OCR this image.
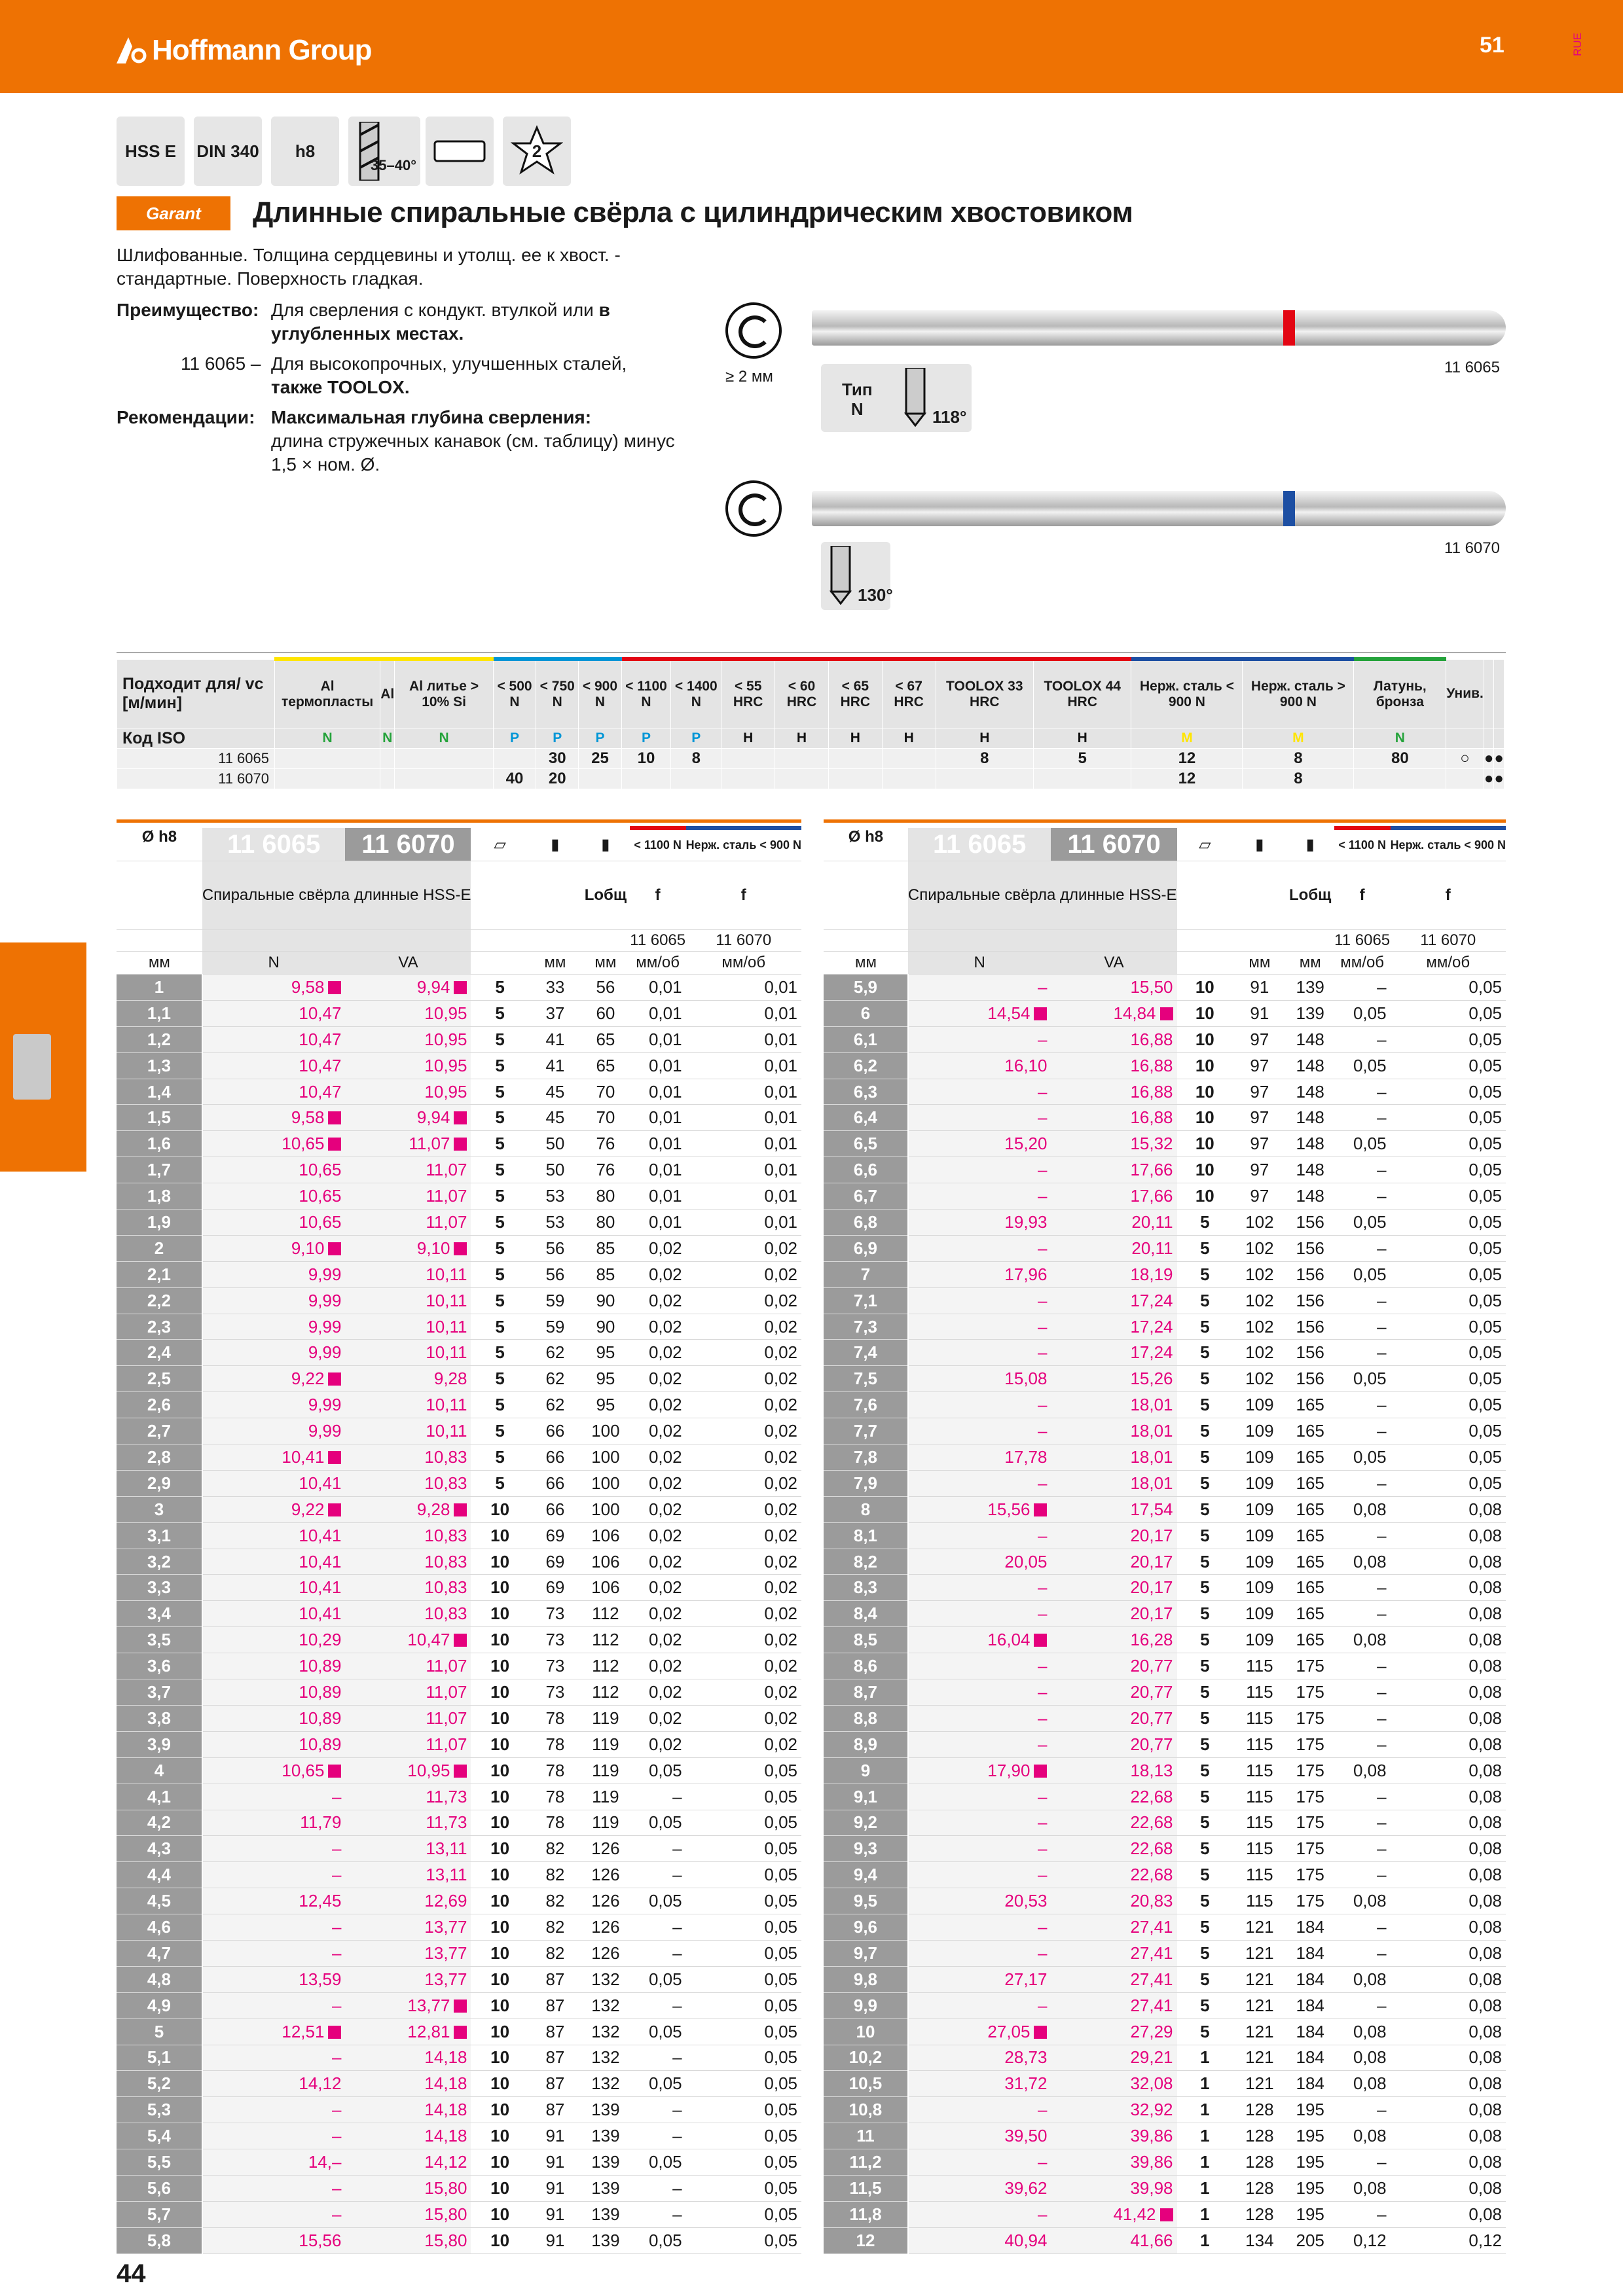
Hoffmann Group	51	RUE
HSS E DIN 340 h8
35–40°
2
Garant	Длинные спиральные свёрла с цилиндрическим хвостовиком
Шлифованные. Толщина сердцевины и утолщ. ее к хвост. -
стандартные. Поверхность гладкая.
Преимущество: Для сверления с кондукт. втулкой или в
углубленных местах.
11 6065 – Для высокопрочных, улучшенных сталей,
также TOOLOX.
Рекомендации: Максимальная глубина сверления:
длина стружечных канавок (см. таблицу) минус
1,5 × ном. Ø.
≥ 2 мм
11 6065
Тип
N	118°
11 6070
130°
Подходит для/ vc [м/мин]	Al термопласты	Al	Al литье > 10% Si	< 500 N	< 750 N	< 900 N	< 1100 N	< 1400 N	< 55 HRC	< 60 HRC	< 65 HRC	< 67 HRC	TOOLOX 33 HRC	TOOLOX 44 HRC	Нерж. сталь < 900 N	Нерж. сталь > 900 N	Латунь, бронза	Унив.				
Код ISO	N	N	N	P	P	P	P	P	H	H	H	H	H	H	M	M	N					
11 6065					30	25	10	8					8	5	12	8	80	○	●	●		
11 6070				40	20										12	8			●	●		
Ø h8	11 6065	11 6070	▱	▮	▮	< 1100 N	Нерж. сталь < 900 N
	Спиральные свёрла длинные HSS-E				Lобщ	f	f
						11 6065	11 6070
мм	N	VA		мм	мм	мм/об	мм/об
1	9,58	9,94	5	33	56	0,01	0,01
1,1	10,47	10,95	5	37	60	0,01	0,01
1,2	10,47	10,95	5	41	65	0,01	0,01
1,3	10,47	10,95	5	41	65	0,01	0,01
1,4	10,47	10,95	5	45	70	0,01	0,01
1,5	9,58	9,94	5	45	70	0,01	0,01
1,6	10,65	11,07	5	50	76	0,01	0,01
1,7	10,65	11,07	5	50	76	0,01	0,01
1,8	10,65	11,07	5	53	80	0,01	0,01
1,9	10,65	11,07	5	53	80	0,01	0,01
2	9,10	9,10	5	56	85	0,02	0,02
2,1	9,99	10,11	5	56	85	0,02	0,02
2,2	9,99	10,11	5	59	90	0,02	0,02
2,3	9,99	10,11	5	59	90	0,02	0,02
2,4	9,99	10,11	5	62	95	0,02	0,02
2,5	9,22	9,28	5	62	95	0,02	0,02
2,6	9,99	10,11	5	62	95	0,02	0,02
2,7	9,99	10,11	5	66	100	0,02	0,02
2,8	10,41	10,83	5	66	100	0,02	0,02
2,9	10,41	10,83	5	66	100	0,02	0,02
3	9,22	9,28	10	66	100	0,02	0,02
3,1	10,41	10,83	10	69	106	0,02	0,02
3,2	10,41	10,83	10	69	106	0,02	0,02
3,3	10,41	10,83	10	69	106	0,02	0,02
3,4	10,41	10,83	10	73	112	0,02	0,02
3,5	10,29	10,47	10	73	112	0,02	0,02
3,6	10,89	11,07	10	73	112	0,02	0,02
3,7	10,89	11,07	10	73	112	0,02	0,02
3,8	10,89	11,07	10	78	119	0,02	0,02
3,9	10,89	11,07	10	78	119	0,02	0,02
4	10,65	10,95	10	78	119	0,05	0,05
4,1	–	11,73	10	78	119	–	0,05
4,2	11,79	11,73	10	78	119	0,05	0,05
4,3	–	13,11	10	82	126	–	0,05
4,4	–	13,11	10	82	126	–	0,05
4,5	12,45	12,69	10	82	126	0,05	0,05
4,6	–	13,77	10	82	126	–	0,05
4,7	–	13,77	10	82	126	–	0,05
4,8	13,59	13,77	10	87	132	0,05	0,05
4,9	–	13,77	10	87	132	–	0,05
5	12,51	12,81	10	87	132	0,05	0,05
5,1	–	14,18	10	87	132	–	0,05
5,2	14,12	14,18	10	87	132	0,05	0,05
5,3	–	14,18	10	87	139	–	0,05
5,4	–	14,18	10	91	139	–	0,05
5,5	14,–	14,12	10	91	139	0,05	0,05
5,6	–	15,80	10	91	139	–	0,05
5,7	–	15,80	10	91	139	–	0,05
5,8	15,56	15,80	10	91	139	0,05	0,05
Ø h8	11 6065	11 6070	▱	▮	▮	< 1100 N	Нерж. сталь < 900 N
	Спиральные свёрла длинные HSS-E				Lобщ	f	f
						11 6065	11 6070
мм	N	VA		мм	мм	мм/об	мм/об
5,9	–	15,50	10	91	139	–	0,05
6	14,54	14,84	10	91	139	0,05	0,05
6,1	–	16,88	10	97	148	–	0,05
6,2	16,10	16,88	10	97	148	0,05	0,05
6,3	–	16,88	10	97	148	–	0,05
6,4	–	16,88	10	97	148	–	0,05
6,5	15,20	15,32	10	97	148	0,05	0,05
6,6	–	17,66	10	97	148	–	0,05
6,7	–	17,66	10	97	148	–	0,05
6,8	19,93	20,11	5	102	156	0,05	0,05
6,9	–	20,11	5	102	156	–	0,05
7	17,96	18,19	5	102	156	0,05	0,05
7,1	–	17,24	5	102	156	–	0,05
7,3	–	17,24	5	102	156	–	0,05
7,4	–	17,24	5	102	156	–	0,05
7,5	15,08	15,26	5	102	156	0,05	0,05
7,6	–	18,01	5	109	165	–	0,05
7,7	–	18,01	5	109	165	–	0,05
7,8	17,78	18,01	5	109	165	0,05	0,05
7,9	–	18,01	5	109	165	–	0,05
8	15,56	17,54	5	109	165	0,08	0,08
8,1	–	20,17	5	109	165	–	0,08
8,2	20,05	20,17	5	109	165	0,08	0,08
8,3	–	20,17	5	109	165	–	0,08
8,4	–	20,17	5	109	165	–	0,08
8,5	16,04	16,28	5	109	165	0,08	0,08
8,6	–	20,77	5	115	175	–	0,08
8,7	–	20,77	5	115	175	–	0,08
8,8	–	20,77	5	115	175	–	0,08
8,9	–	20,77	5	115	175	–	0,08
9	17,90	18,13	5	115	175	0,08	0,08
9,1	–	22,68	5	115	175	–	0,08
9,2	–	22,68	5	115	175	–	0,08
9,3	–	22,68	5	115	175	–	0,08
9,4	–	22,68	5	115	175	–	0,08
9,5	20,53	20,83	5	115	175	0,08	0,08
9,6	–	27,41	5	121	184	–	0,08
9,7	–	27,41	5	121	184	–	0,08
9,8	27,17	27,41	5	121	184	0,08	0,08
9,9	–	27,41	5	121	184	–	0,08
10	27,05	27,29	5	121	184	0,08	0,08
10,2	28,73	29,21	1	121	184	0,08	0,08
10,5	31,72	32,08	1	121	184	0,08	0,08
10,8	–	32,92	1	128	195	–	0,08
11	39,50	39,86	1	128	195	0,08	0,08
11,2	–	39,86	1	128	195	–	0,08
11,5	39,62	39,98	1	128	195	0,08	0,08
11,8	–	41,42	1	128	195	–	0,08
12	40,94	41,66	1	134	205	0,12	0,12
44
